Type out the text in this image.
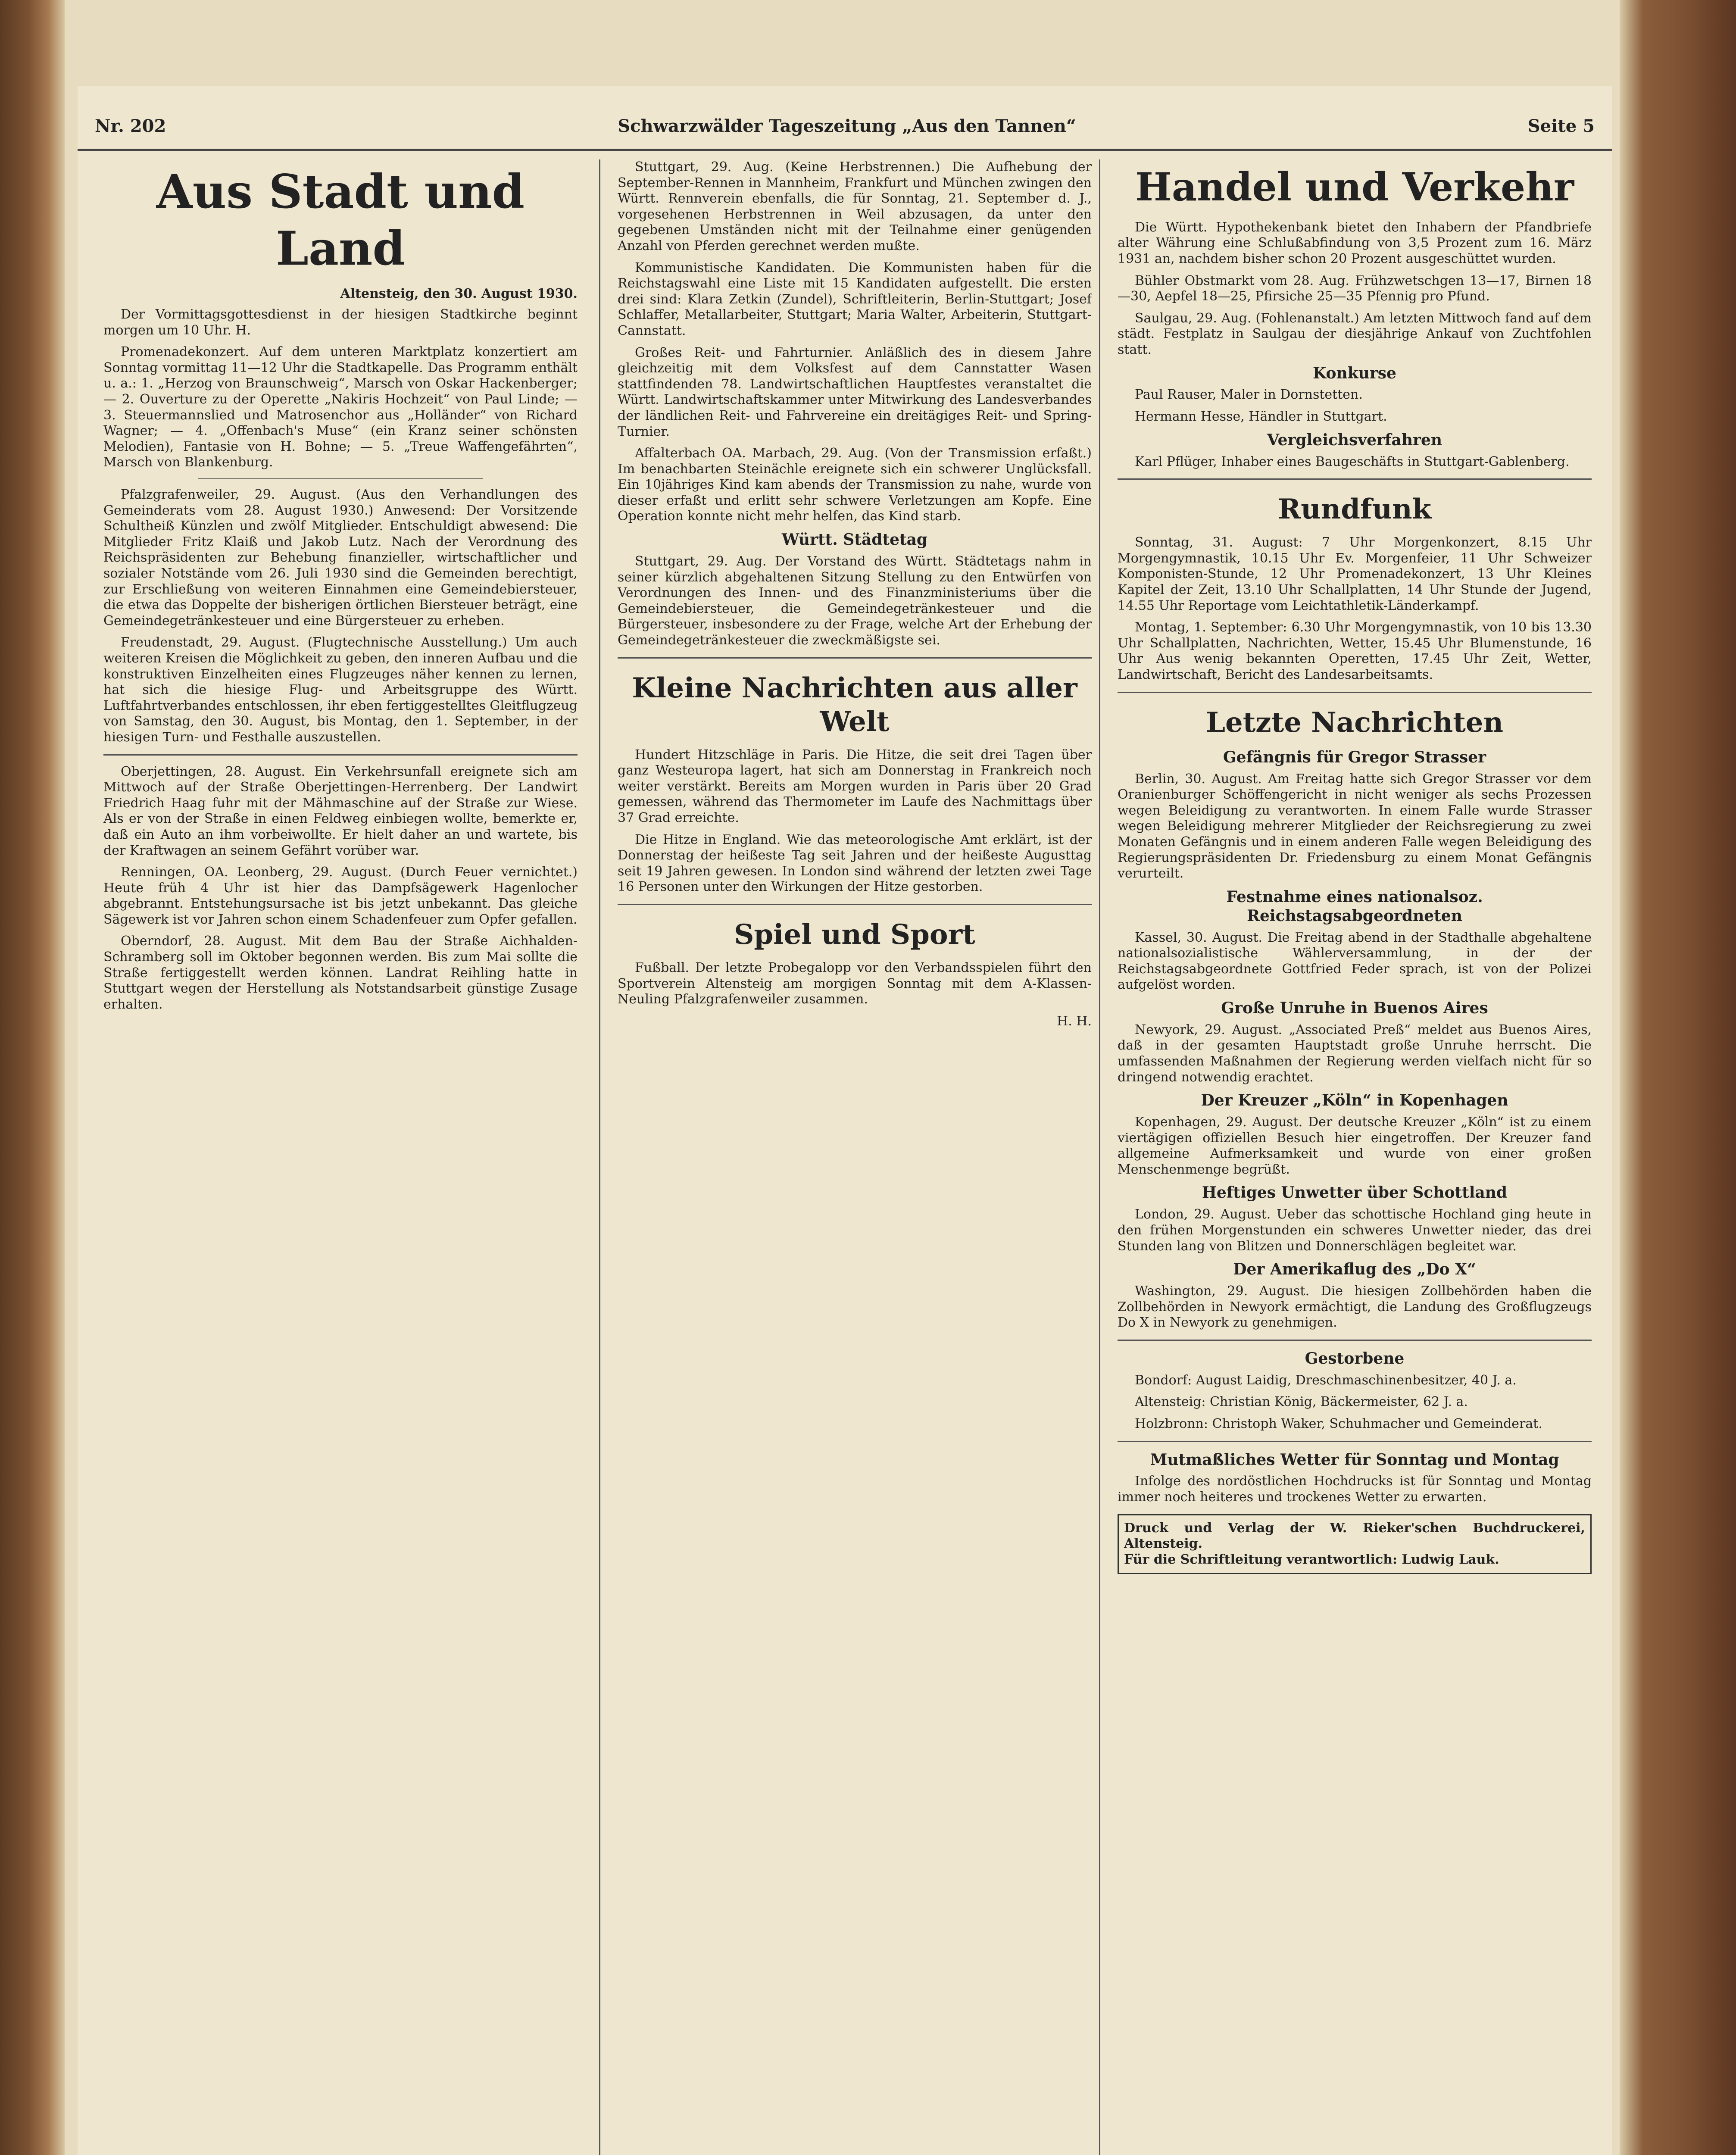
Nr. 202	Schwarzwälder Tageszeitung „Aus den Tannen“	Seite 5
Aus Stadt und Land
Altensteig, den 30. August 1930.

Der Vormittagsgottesdienst in der hiesigen Stadtkirche beginnt morgen um 10 Uhr. H.

Promenadekonzert. Auf dem unteren Marktplatz konzertiert am Sonntag vormittag 11—12 Uhr die Stadtkapelle. Das Programm enthält u. a.: 1. „Herzog von Braunschweig“, Marsch von Oskar Hackenberger; — 2. Ouverture zu der Operette „Nakiris Hochzeit“ von Paul Linde; — 3. Steuermannslied und Matrosenchor aus „Holländer“ von Richard Wagner; — 4. „Offenbach's Muse“ (ein Kranz seiner schönsten Melodien), Fantasie von H. Bohne; — 5. „Treue Waffengefährten“, Marsch von Blankenburg.

Pfalzgrafenweiler, 29. August. (Aus den Verhandlungen des Gemeinderats vom 28. August 1930.) Anwesend: Der Vorsitzende Schultheiß Künzlen und zwölf Mitglieder. Entschuldigt abwesend: Die Mitglieder Fritz Klaiß und Jakob Lutz. Nach der Verordnung des Reichspräsidenten zur Behebung finanzieller, wirtschaftlicher und sozialer Notstände vom 26. Juli 1930 sind die Gemeinden berechtigt, zur Erschließung von weiteren Einnahmen eine Gemeindebiersteuer, die etwa das Doppelte der bisherigen örtlichen Biersteuer beträgt, eine Gemeindegetränkesteuer und eine Bürgersteuer zu erheben.

Freudenstadt, 29. August. (Flugtechnische Ausstellung.) Um auch weiteren Kreisen die Möglichkeit zu geben, den inneren Aufbau und die konstruktiven Einzelheiten eines Flugzeuges näher kennen zu lernen, hat sich die hiesige Flug- und Arbeitsgruppe des Württ. Luftfahrtverbandes entschlossen, ihr eben fertiggestelltes Gleitflugzeug von Samstag, den 30. August, bis Montag, den 1. September, in der hiesigen Turn- und Festhalle auszustellen.

Oberjettingen, 28. August. Ein Verkehrsunfall ereignete sich am Mittwoch auf der Straße Oberjettingen-Herrenberg. Der Landwirt Friedrich Haag fuhr mit der Mähmaschine auf der Straße zur Wiese. Als er von der Straße in einen Feldweg einbiegen wollte, bemerkte er, daß ein Auto an ihm vorbeiwollte. Er hielt daher an und wartete, bis der Kraftwagen an seinem Gefährt vorüber war.

Renningen, OA. Leonberg, 29. August. (Durch Feuer vernichtet.) Heute früh 4 Uhr ist hier das Dampfsägewerk Hagenlocher abgebrannt. Entstehungsursache ist bis jetzt unbekannt. Das gleiche Sägewerk ist vor Jahren schon einem Schadenfeuer zum Opfer gefallen.

Oberndorf, 28. August. Mit dem Bau der Straße Aichhalden-Schramberg soll im Oktober begonnen werden. Bis zum Mai sollte die Straße fertiggestellt werden können. Landrat Reihling hatte in Stuttgart wegen der Herstellung als Notstandsarbeit günstige Zusage erhalten.

Stuttgart, 29. Aug. (Keine Herbstrennen.) Die Aufhebung der September-Rennen in Mannheim, Frankfurt und München zwingen den Württ. Rennverein ebenfalls, die für Sonntag, 21. September d. J., vorgesehenen Herbstrennen in Weil abzusagen, da unter den gegebenen Umständen nicht mit der Teilnahme einer genügenden Anzahl von Pferden gerechnet werden mußte.

Kommunistische Kandidaten. Die Kommunisten haben für die Reichstagswahl eine Liste mit 15 Kandidaten aufgestellt. Die ersten drei sind: Klara Zetkin (Zundel), Schriftleiterin, Berlin-Stuttgart; Josef Schlaffer, Metallarbeiter, Stuttgart; Maria Walter, Arbeiterin, Stuttgart-Cannstatt.

Großes Reit- und Fahrturnier. Anläßlich des in diesem Jahre gleichzeitig mit dem Volksfest auf dem Cannstatter Wasen stattfindenden 78. Landwirtschaftlichen Hauptfestes veranstaltet die Württ. Landwirtschaftskammer unter Mitwirkung des Landesverbandes der ländlichen Reit- und Fahrvereine ein dreitägiges Reit- und Spring-Turnier.

Affalterbach OA. Marbach, 29. Aug. (Von der Transmission erfaßt.) Im benachbarten Steinächle ereignete sich ein schwerer Unglücksfall. Ein 10jähriges Kind kam abends der Transmission zu nahe, wurde von dieser erfaßt und erlitt sehr schwere Verletzungen am Kopfe. Eine Operation konnte nicht mehr helfen, das Kind starb.

Württ. Städtetag

Stuttgart, 29. Aug. Der Vorstand des Württ. Städtetags nahm in seiner kürzlich abgehaltenen Sitzung Stellung zu den Entwürfen von Verordnungen des Innen- und des Finanzministeriums über die Gemeindebiersteuer, die Gemeindegetränkesteuer und die Bürgersteuer, insbesondere zu der Frage, welche Art der Erhebung der Gemeindegetränkesteuer die zweckmäßigste sei.

Kleine Nachrichten aus aller Welt

Hundert Hitzschläge in Paris. Die Hitze, die seit drei Tagen über ganz Westeuropa lagert, hat sich am Donnerstag in Frankreich noch weiter verstärkt. Bereits am Morgen wurden in Paris über 20 Grad gemessen, während das Thermometer im Laufe des Nachmittags über 37 Grad erreichte.

Die Hitze in England. Wie das meteorologische Amt erklärt, ist der Donnerstag der heißeste Tag seit Jahren und der heißeste Augusttag seit 19 Jahren gewesen. In London sind während der letzten zwei Tage 16 Personen unter den Wirkungen der Hitze gestorben.

Spiel und Sport

Fußball. Der letzte Probegalopp vor den Verbandsspielen führt den Sportverein Altensteig am morgigen Sonntag mit dem A-Klassen-Neuling Pfalzgrafenweiler zusammen.

H. H.
Handel und Verkehr

Die Württ. Hypothekenbank bietet den Inhabern der Pfandbriefe alter Währung eine Schlußabfindung von 3,5 Prozent zum 16. März 1931 an, nachdem bisher schon 20 Prozent ausgeschüttet wurden.

Bühler Obstmarkt vom 28. Aug. Frühzwetschgen 13—17, Birnen 18—30, Aepfel 18—25, Pfirsiche 25—35 Pfennig pro Pfund.

Saulgau, 29. Aug. (Fohlenanstalt.) Am letzten Mittwoch fand auf dem städt. Festplatz in Saulgau der diesjährige Ankauf von Zuchtfohlen statt.

Konkurse

Paul Rauser, Maler in Dornstetten.

Hermann Hesse, Händler in Stuttgart.

Vergleichsverfahren

Karl Pflüger, Inhaber eines Baugeschäfts in Stuttgart-Gablenberg.

Rundfunk

Sonntag, 31. August: 7 Uhr Morgenkonzert, 8.15 Uhr Morgengymnastik, 10.15 Uhr Ev. Morgenfeier, 11 Uhr Schweizer Komponisten-Stunde, 12 Uhr Promenadekonzert, 13 Uhr Kleines Kapitel der Zeit, 13.10 Uhr Schallplatten, 14 Uhr Stunde der Jugend, 14.55 Uhr Reportage vom Leichtathletik-Länderkampf.

Montag, 1. September: 6.30 Uhr Morgengymnastik, von 10 bis 13.30 Uhr Schallplatten, Nachrichten, Wetter, 15.45 Uhr Blumenstunde, 16 Uhr Aus wenig bekannten Operetten, 17.45 Uhr Zeit, Wetter, Landwirtschaft, Bericht des Landesarbeitsamts.

Letzte Nachrichten
Gefängnis für Gregor Strasser

Berlin, 30. August. Am Freitag hatte sich Gregor Strasser vor dem Oranienburger Schöffengericht in nicht weniger als sechs Prozessen wegen Beleidigung zu verantworten. In einem Falle wurde Strasser wegen Beleidigung mehrerer Mitglieder der Reichsregierung zu zwei Monaten Gefängnis und in einem anderen Falle wegen Beleidigung des Regierungspräsidenten Dr. Friedensburg zu einem Monat Gefängnis verurteilt.

Festnahme eines nationalsoz. Reichstagsabgeordneten

Kassel, 30. August. Die Freitag abend in der Stadthalle abgehaltene nationalsozialistische Wählerversammlung, in der der Reichstagsabgeordnete Gottfried Feder sprach, ist von der Polizei aufgelöst worden.

Große Unruhe in Buenos Aires

Newyork, 29. August. „Associated Preß“ meldet aus Buenos Aires, daß in der gesamten Hauptstadt große Unruhe herrscht. Die umfassenden Maßnahmen der Regierung werden vielfach nicht für so dringend notwendig erachtet.

Der Kreuzer „Köln“ in Kopenhagen

Kopenhagen, 29. August. Der deutsche Kreuzer „Köln“ ist zu einem viertägigen offiziellen Besuch hier eingetroffen. Der Kreuzer fand allgemeine Aufmerksamkeit und wurde von einer großen Menschenmenge begrüßt.

Heftiges Unwetter über Schottland

London, 29. August. Ueber das schottische Hochland ging heute in den frühen Morgenstunden ein schweres Unwetter nieder, das drei Stunden lang von Blitzen und Donnerschlägen begleitet war.

Der Amerikaflug des „Do X“

Washington, 29. August. Die hiesigen Zollbehörden haben die Zollbehörden in Newyork ermächtigt, die Landung des Großflugzeugs Do X in Newyork zu genehmigen.

Gestorbene

Bondorf: August Laidig, Dreschmaschinenbesitzer, 40 J. a.

Altensteig: Christian König, Bäckermeister, 62 J. a.

Holzbronn: Christoph Waker, Schuhmacher und Gemeinderat.

Mutmaßliches Wetter für Sonntag und Montag

Infolge des nordöstlichen Hochdrucks ist für Sonntag und Montag immer noch heiteres und trockenes Wetter zu erwarten.

Druck und Verlag der W. Rieker'schen Buchdruckerei, Altensteig.
Für die Schriftleitung verantwortlich: Ludwig Lauk.
